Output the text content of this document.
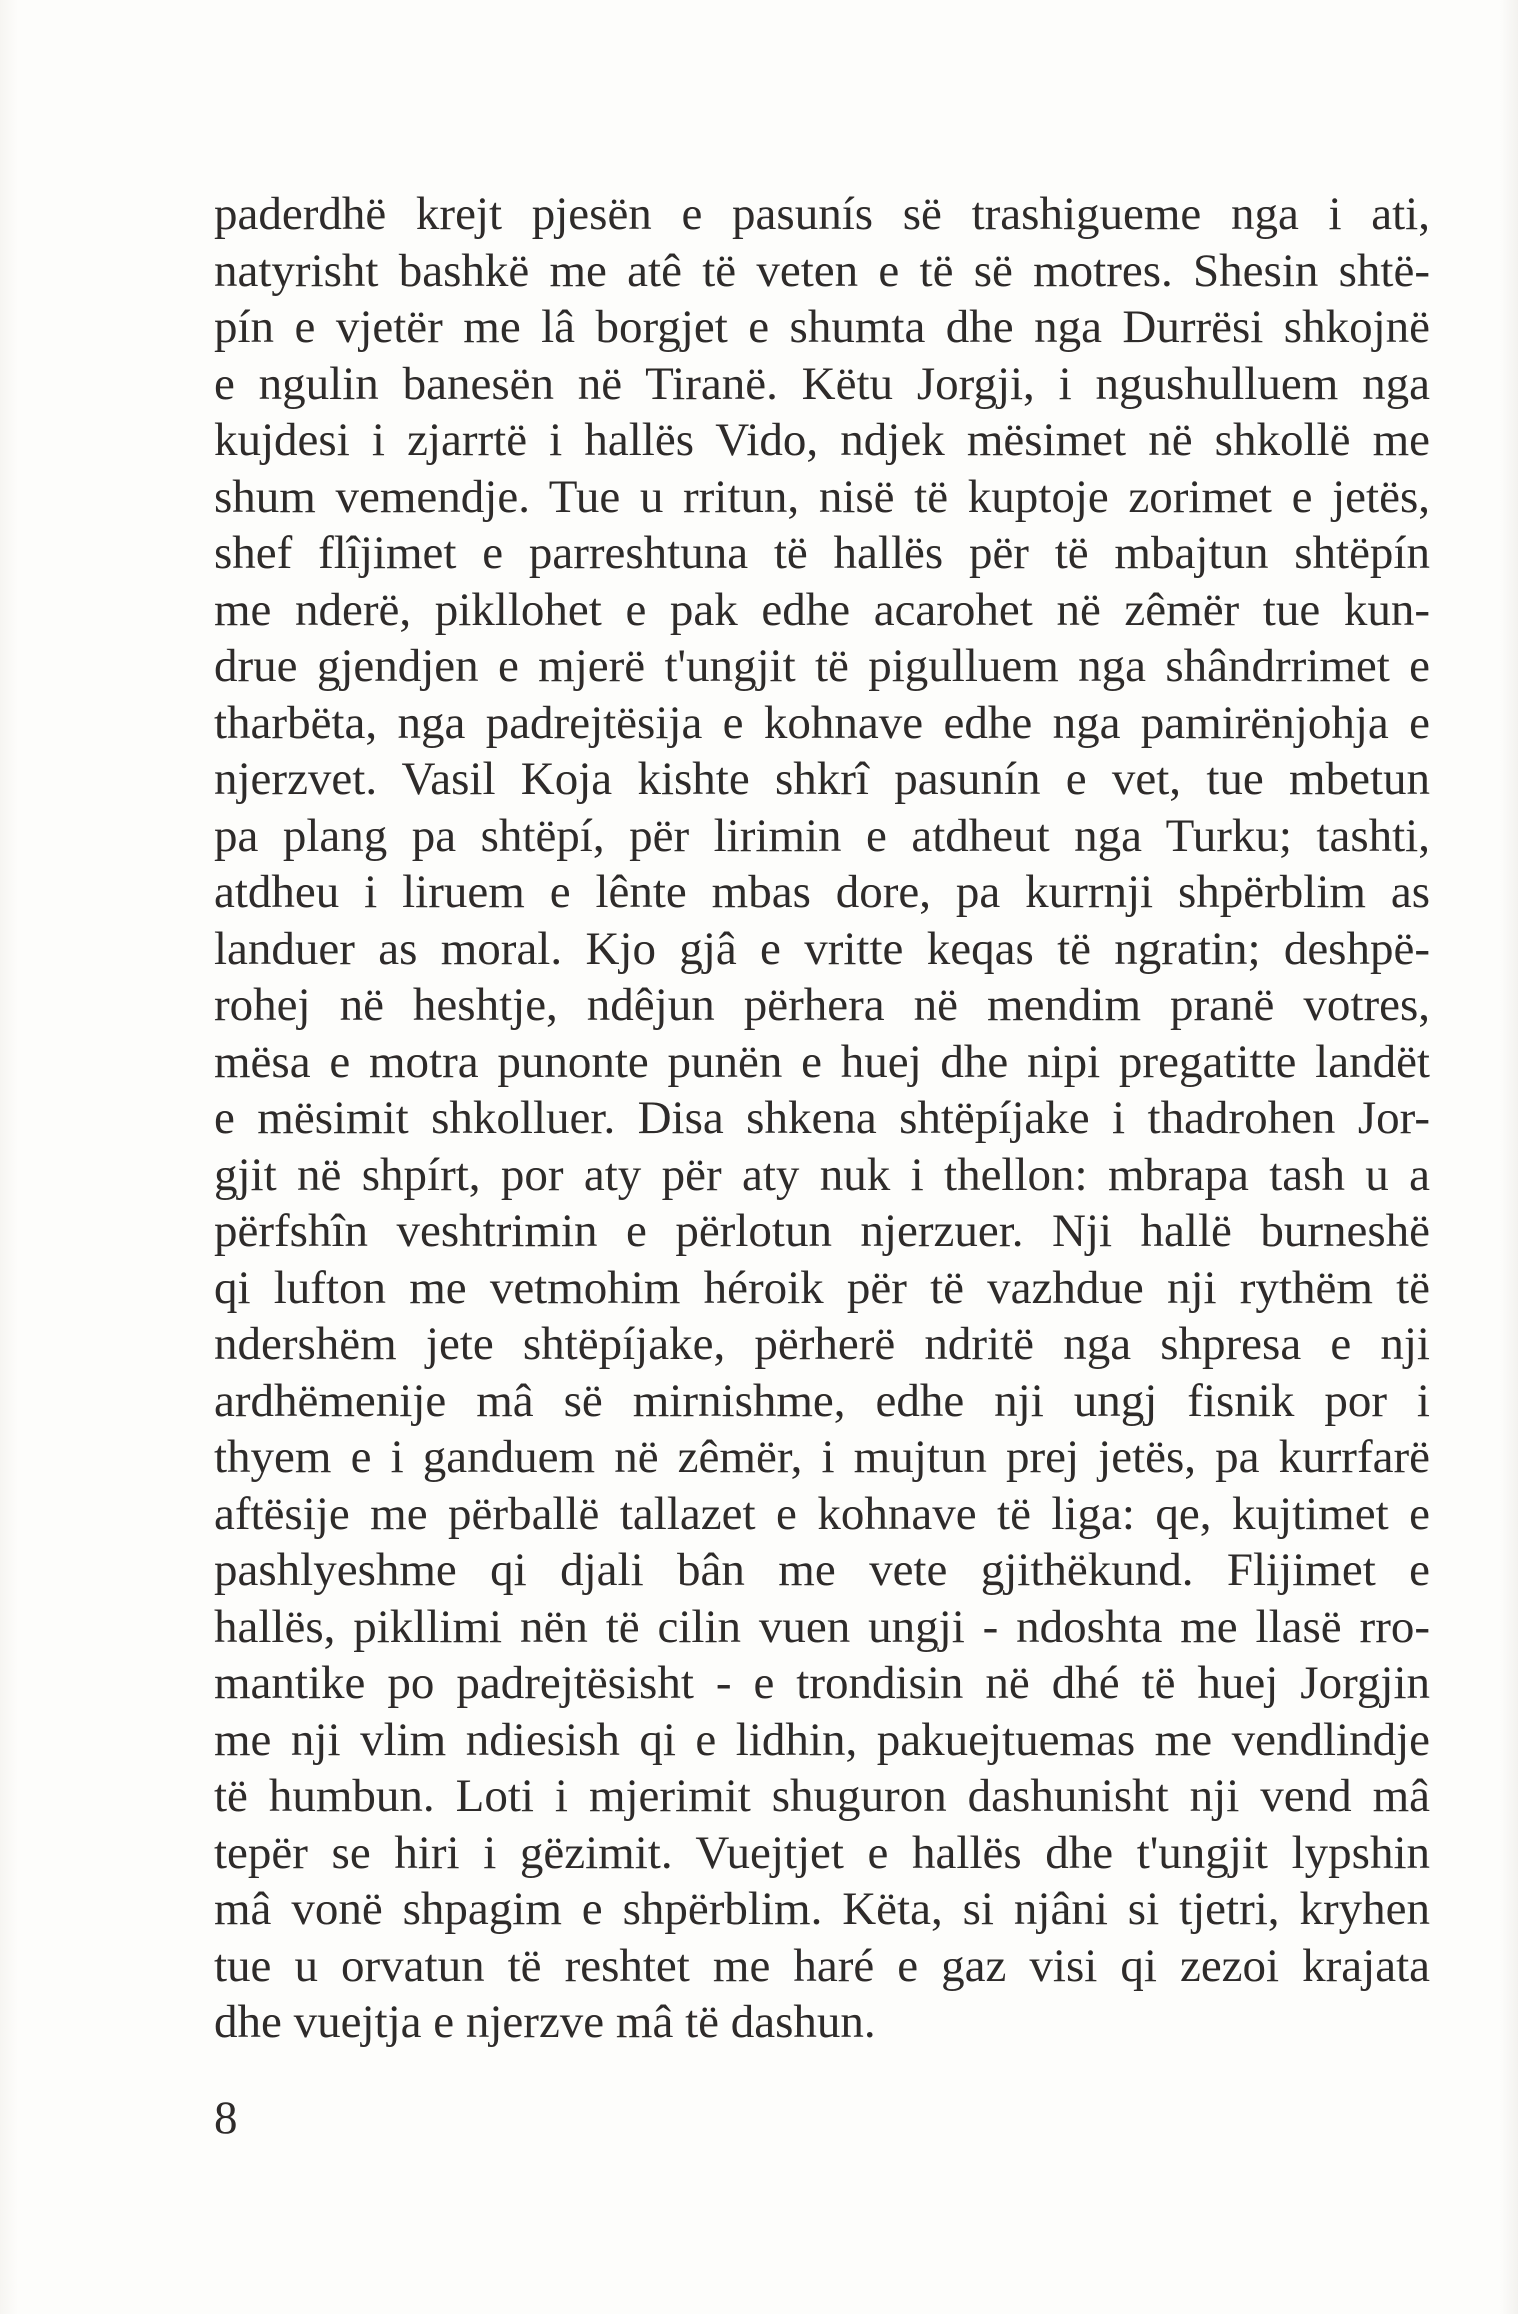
paderdhë krejt pjesën e pasunís së trashigueme nga i ati,
natyrisht bashkë me atê të veten e të së motres. Shesin shtë-
pín e vjetër me lâ borgjet e shumta dhe nga Durrësi shkojnë
e ngulin banesën në Tiranë. Këtu Jorgji, i ngushulluem nga
kujdesi i zjarrtë i hallës Vido, ndjek mësimet në shkollë me
shum vemendje. Tue u rritun, nisë të kuptoje zorimet e jetës,
shef flîjimet e parreshtuna të hallës për të mbajtun shtëpín
me nderë, pikllohet e pak edhe acarohet në zêmër tue kun-
drue gjendjen e mjerë t'ungjit të pigulluem nga shândrrimet e
tharbëta, nga padrejtësija e kohnave edhe nga pamirënjohja e
njerzvet. Vasil Koja kishte shkrî pasunín e vet, tue mbetun
pa plang pa shtëpí, për lirimin e atdheut nga Turku; tashti,
atdheu i liruem e lênte mbas dore, pa kurrnji shpërblim as
landuer as moral. Kjo gjâ e vritte keqas të ngratin; deshpë-
rohej në heshtje, ndêjun përhera në mendim pranë votres,
mësa e motra punonte punën e huej dhe nipi pregatitte landët
e mësimit shkolluer. Disa shkena shtëpíjake i thadrohen Jor-
gjit në shpírt, por aty për aty nuk i thellon: mbrapa tash u a
përfshîn veshtrimin e përlotun njerzuer. Nji hallë burneshë
qi lufton me vetmohim héroik për të vazhdue nji rythëm të
ndershëm jete shtëpíjake, përherë ndritë nga shpresa e nji
ardhëmenije mâ së mirnishme, edhe nji ungj fisnik por i
thyem e i ganduem në zêmër, i mujtun prej jetës, pa kurrfarë
aftësije me përballë tallazet e kohnave të liga: qe, kujtimet e
pashlyeshme qi djali bân me vete gjithëkund. Flijimet e
hallës, pikllimi nën të cilin vuen ungji - ndoshta me llasë rro-
mantike po padrejtësisht - e trondisin në dhé të huej Jorgjin
me nji vlim ndiesish qi e lidhin, pakuejtuemas me vendlindje
të humbun. Loti i mjerimit shuguron dashunisht nji vend mâ
tepër se hiri i gëzimit. Vuejtjet e hallës dhe t'ungjit lypshin
mâ vonë shpagim e shpërblim. Këta, si njâni si tjetri, kryhen
tue u orvatun të reshtet me haré e gaz visi qi zezoi krajata
dhe vuejtja e njerzve mâ të dashun.
8
